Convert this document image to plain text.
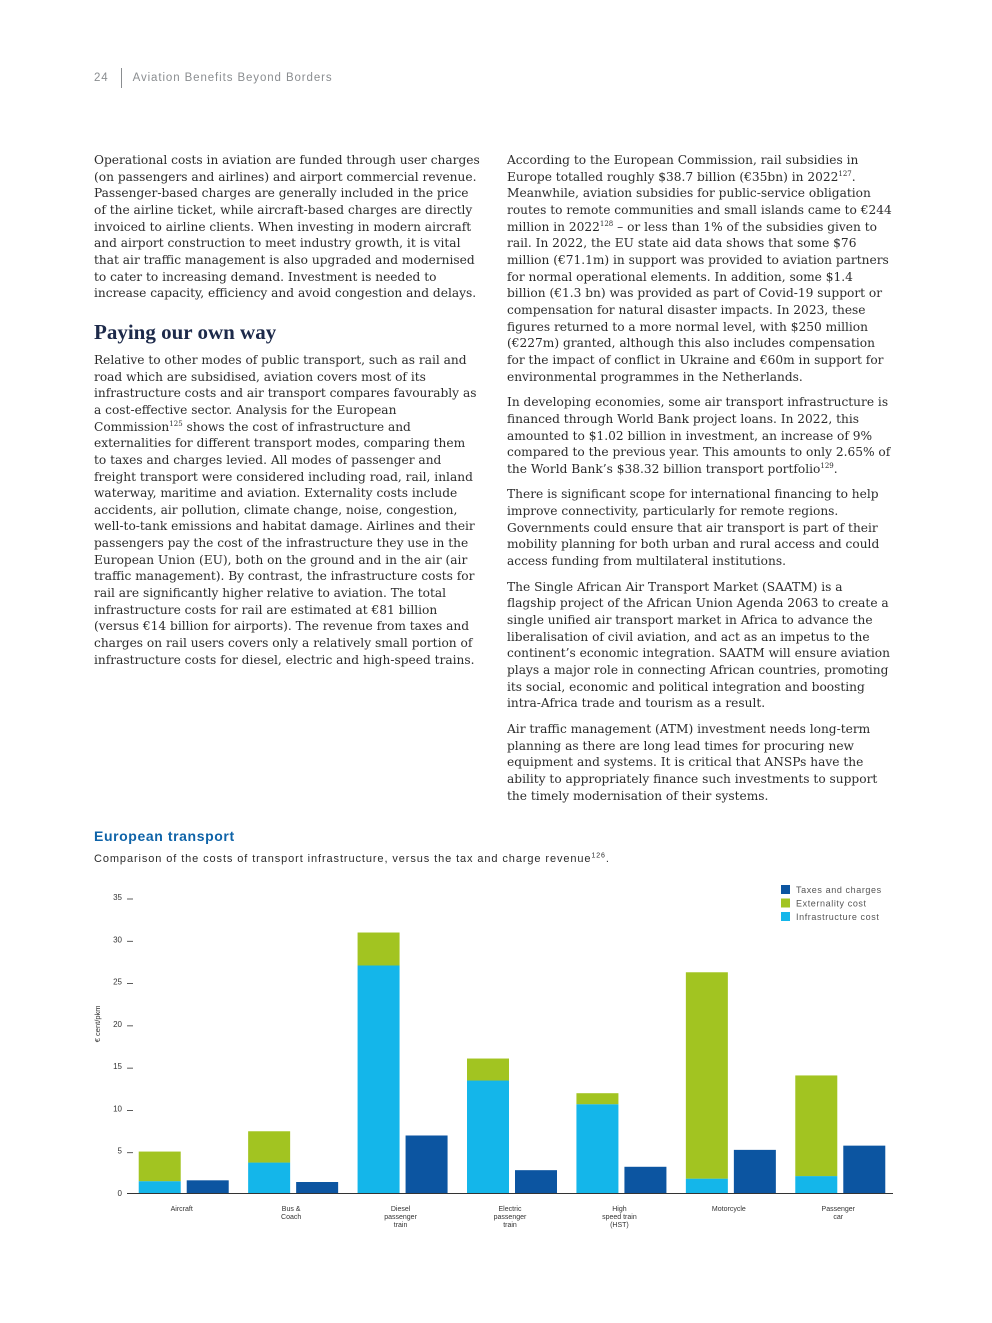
24 Aviation Benefits Beyond Borders

Operational costs in aviation are funded through user charges (on passengers and airlines) and airport commercial revenue. Passenger-based charges are generally included in the price of the airline ticket, while aircraft-based charges are directly invoiced to airline clients. When investing in modern aircraft and airport construction to meet industry growth, it is vital that air traffic management is also upgraded and modernised to cater to increasing demand. Investment is needed to increase capacity, efficiency and avoid congestion and delays.

Paying our own way

Relative to other modes of public transport, such as rail and road which are subsidised, aviation covers most of its infrastructure costs and air transport compares favourably as a cost-effective sector. Analysis for the European Commission$^{125}$ shows the cost of infrastructure and externalities for different transport modes, comparing them to taxes and charges levied. All modes of passenger and freight transport were considered including road, rail, inland waterway, maritime and aviation. Externality costs include accidents, air pollution, climate change, noise, congestion, well-to-tank emissions and habitat damage. Airlines and their passengers pay the cost of the infrastructure they use in the European Union (EU), both on the ground and in the air (air traffic management). By contrast, the infrastructure costs for rail are significantly higher relative to aviation. The total infrastructure costs for rail are estimated at €81 billion (versus €14 billion for airports). The revenue from taxes and charges on rail users covers only a relatively small portion of infrastructure costs for diesel, electric and high-speed trains.

According to the European Commission, rail subsidies in Europe totalled roughly $38.7 billion (€35bn) in 2022$^{127}$. Meanwhile, aviation subsidies for public-service obligation routes to remote communities and small islands came to €244 million in 2022$^{128}$ – or less than 1% of the subsidies given to rail. In 2022, the EU state aid data shows that some $76 million (€71.1m) in support was provided to aviation partners for normal operational elements. In addition, some $1.4 billion (€1.3 bn) was provided as part of Covid-19 support or compensation for natural disaster impacts. In 2023, these figures returned to a more normal level, with $250 million (€227m) granted, although this also includes compensation for the impact of conflict in Ukraine and €60m in support for environmental programmes in the Netherlands.

In developing economies, some air transport infrastructure is financed through World Bank project loans. In 2022, this amounted to $1.02 billion in investment, an increase of 9% compared to the previous year. This amounts to only 2.65% of the World Bank’s $38.32 billion transport portfolio$^{129}$.

There is significant scope for international financing to help improve connectivity, particularly for remote regions. Governments could ensure that air transport is part of their mobility planning for both urban and rural access and could access funding from multilateral institutions.

The Single African Air Transport Market (SAATM) is a flagship project of the African Union Agenda 2063 to create a single unified air transport market in Africa to advance the liberalisation of civil aviation, and act as an impetus to the continent’s economic integration. SAATM will ensure aviation plays a major role in connecting African countries, promoting its social, economic and political integration and boosting intra-Africa trade and tourism as a result.

Air traffic management (ATM) investment needs long-term planning as there are long lead times for procuring new equipment and systems. It is critical that ANSPs have the ability to appropriately finance such investments to support the timely modernisation of their systems.

European transport
Comparison of the costs of transport infrastructure, versus the tax and charge revenue$^{126}$.
0
5
10
15
20
25
30
35
€ cent/pkm
Aircraft	Bus &
Coach
Diesel
passenger
train
Electric
passenger
train
High
speed train
(HST)
Motorcycle	Passenger
car
Taxes and charges
Externality cost
Infrastructure cost
